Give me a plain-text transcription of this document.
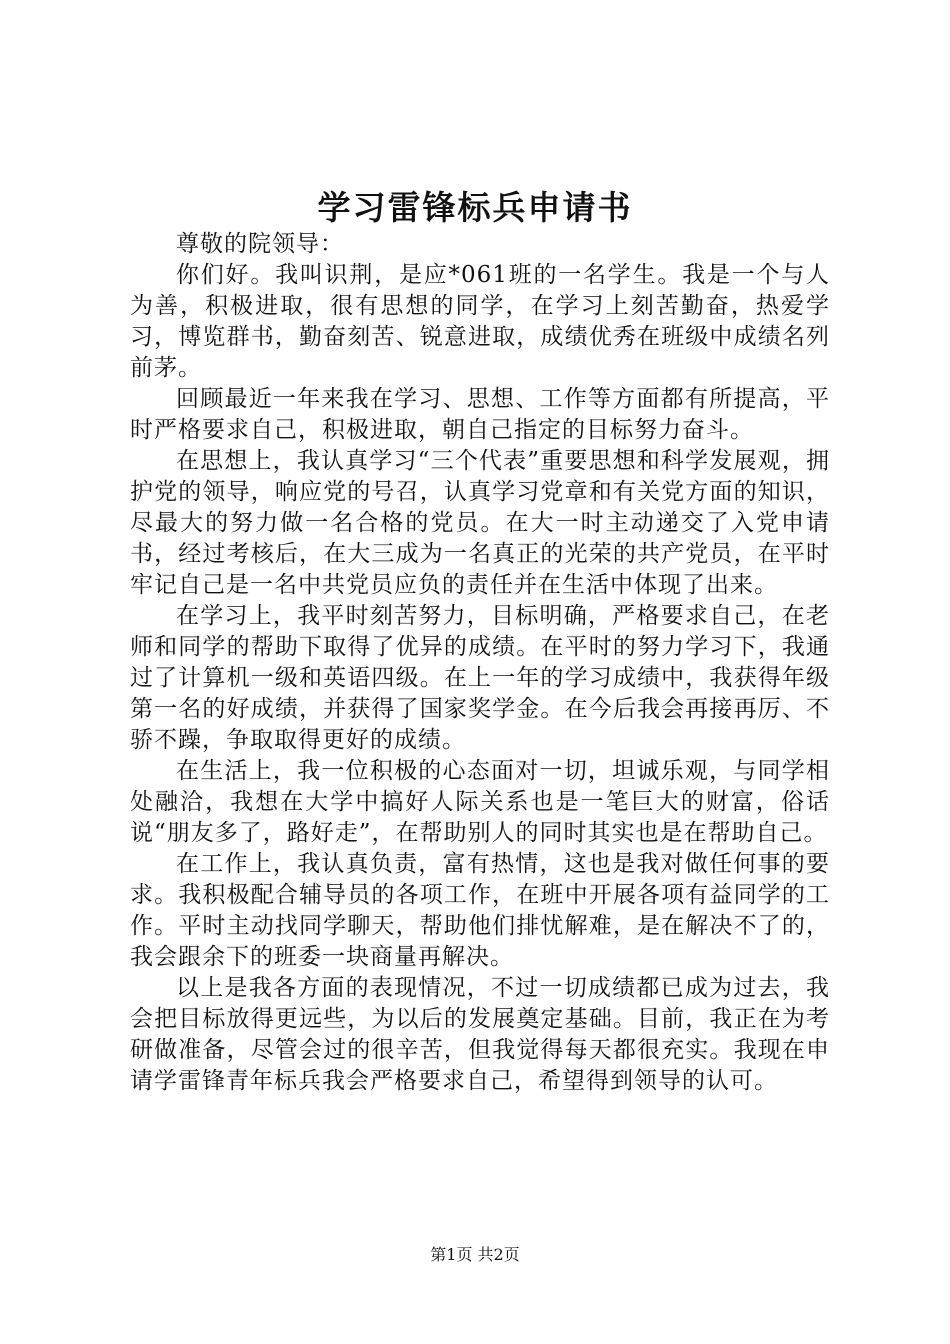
学习雷锋标兵申请书

尊敬的院领导：

你们好。我叫识荆，是应*061班的一名学生。我是一个与人为善，积极进取，很有思想的同学，在学习上刻苦勤奋，热爱学习，博览群书，勤奋刻苦、锐意进取，成绩优秀在班级中成绩名列前茅。

回顾最近一年来我在学习、思想、工作等方面都有所提高，平时严格要求自己，积极进取，朝自己指定的目标努力奋斗。

在思想上，我认真学习“三个代表”重要思想和科学发展观，拥护党的领导，响应党的号召，认真学习党章和有关党方面的知识，尽最大的努力做一名合格的党员。在大一时主动递交了入党申请书，经过考核后，在大三成为一名真正的光荣的共产党员，在平时牢记自己是一名中共党员应负的责任并在生活中体现了出来。

在学习上，我平时刻苦努力，目标明确，严格要求自己，在老师和同学的帮助下取得了优异的成绩。在平时的努力学习下，我通过了计算机一级和英语四级。在上一年的学习成绩中，我获得年级第一名的好成绩，并获得了国家奖学金。在今后我会再接再厉、不骄不躁，争取取得更好的成绩。

在生活上，我一位积极的心态面对一切，坦诚乐观，与同学相处融洽，我想在大学中搞好人际关系也是一笔巨大的财富，俗话说“朋友多了，路好走”，在帮助别人的同时其实也是在帮助自己。

在工作上，我认真负责，富有热情，这也是我对做任何事的要求。我积极配合辅导员的各项工作，在班中开展各项有益同学的工作。平时主动找同学聊天，帮助他们排忧解难，是在解决不了的，我会跟余下的班委一块商量再解决。

以上是我各方面的表现情况，不过一切成绩都已成为过去，我会把目标放得更远些，为以后的发展奠定基础。目前，我正在为考研做准备，尽管会过的很辛苦，但我觉得每天都很充实。我现在申请学雷锋青年标兵我会严格要求自己，希望得到领导的认可。

第1页 共2页
